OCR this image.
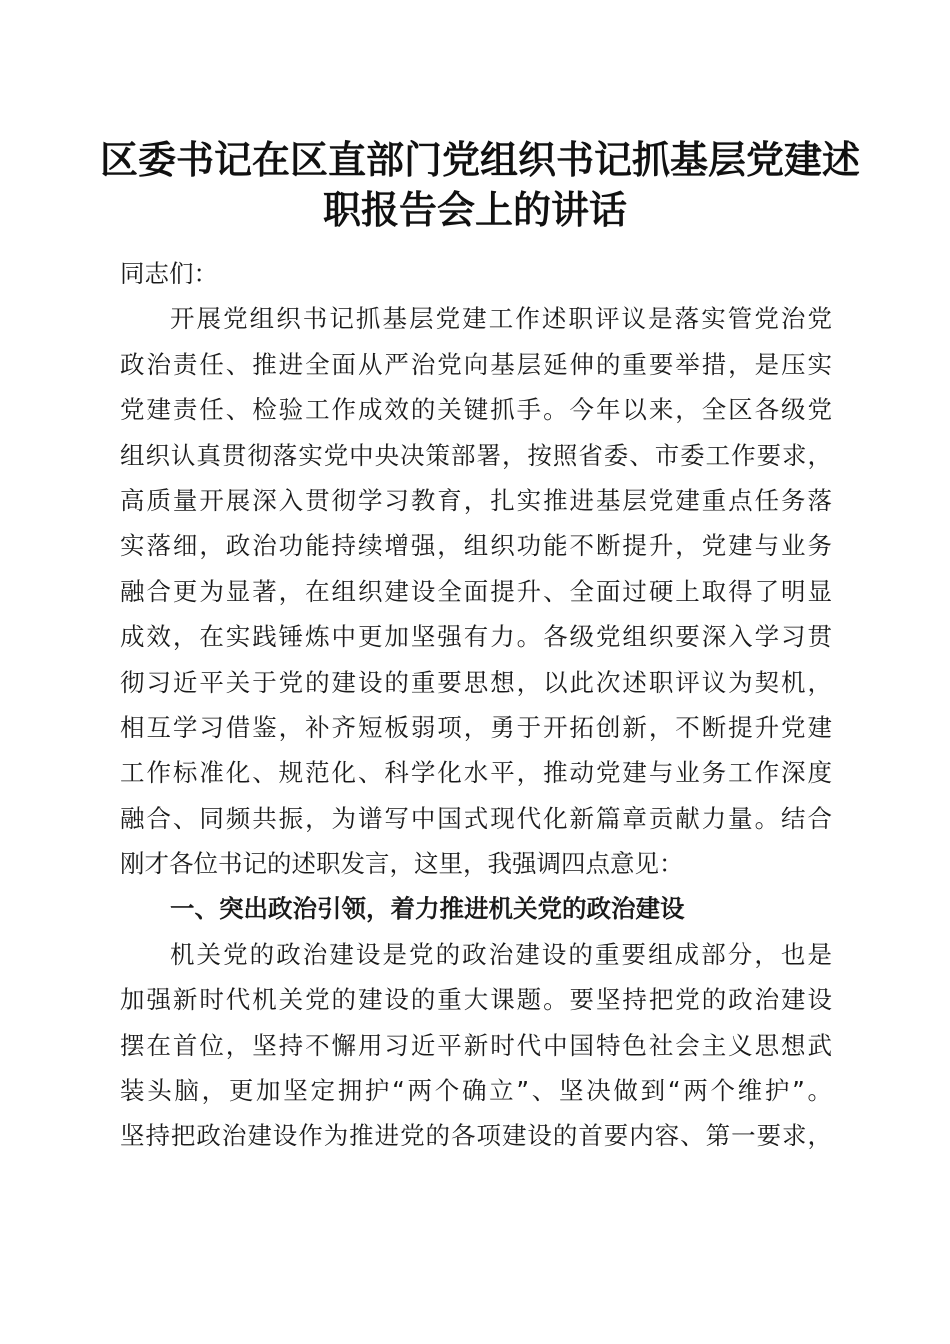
区委书记在区直部门党组织书记抓基层党建述
职报告会上的讲话
同志们：
开展党组织书记抓基层党建工作述职评议是落实管党治党
政治责任、推进全面从严治党向基层延伸的重要举措，是压实
党建责任、检验工作成效的关键抓手。今年以来，全区各级党
组织认真贯彻落实党中央决策部署，按照省委、市委工作要求，
高质量开展深入贯彻学习教育，扎实推进基层党建重点任务落
实落细，政治功能持续增强，组织功能不断提升，党建与业务
融合更为显著，在组织建设全面提升、全面过硬上取得了明显
成效，在实践锤炼中更加坚强有力。各级党组织要深入学习贯
彻习近平关于党的建设的重要思想，以此次述职评议为契机，
相互学习借鉴，补齐短板弱项，勇于开拓创新，不断提升党建
工作标准化、规范化、科学化水平，推动党建与业务工作深度
融合、同频共振，为谱写中国式现代化新篇章贡献力量。结合
刚才各位书记的述职发言，这里，我强调四点意见：
一、突出政治引领，着力推进机关党的政治建设
机关党的政治建设是党的政治建设的重要组成部分，也是
加强新时代机关党的建设的重大课题。要坚持把党的政治建设
摆在首位，坚持不懈用习近平新时代中国特色社会主义思想武
装头脑，更加坚定拥护“两个确立”、坚决做到“两个维护”。
坚持把政治建设作为推进党的各项建设的首要内容、第一要求，
